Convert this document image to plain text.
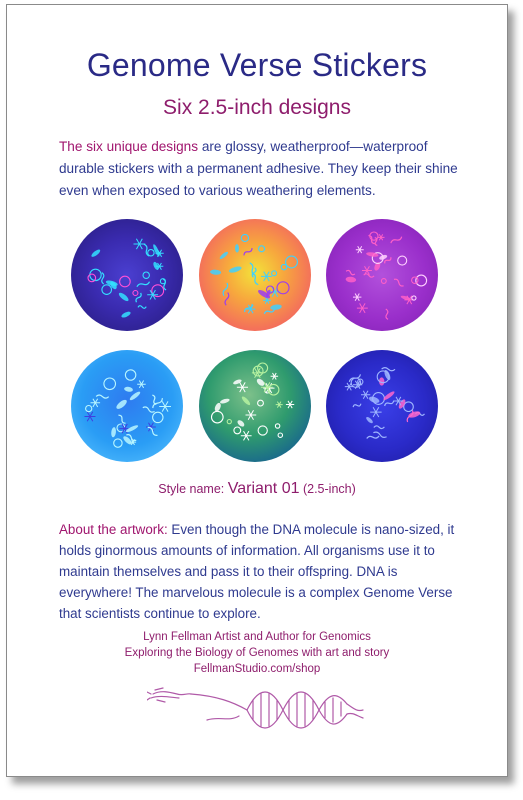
Genome Verse Stickers
Six 2.5-inch designs

The six unique designs are glossy, weatherproof—waterproof durable stickers with a permanent adhesive. They keep their shine even when exposed to various weathering elements.

Style name: Variant 01 (2.5-inch)

About the artwork: Even though the DNA molecule is nano-sized, it holds ginormous amounts of information. All organisms use it to maintain themselves and pass it to their offspring. DNA is everywhere! The marvelous molecule is a complex Genome Verse that scientists continue to explore.

Lynn Fellman Artist and Author for Genomics
Exploring the Biology of Genomes with art and story
FellmanStudio.com/shop
